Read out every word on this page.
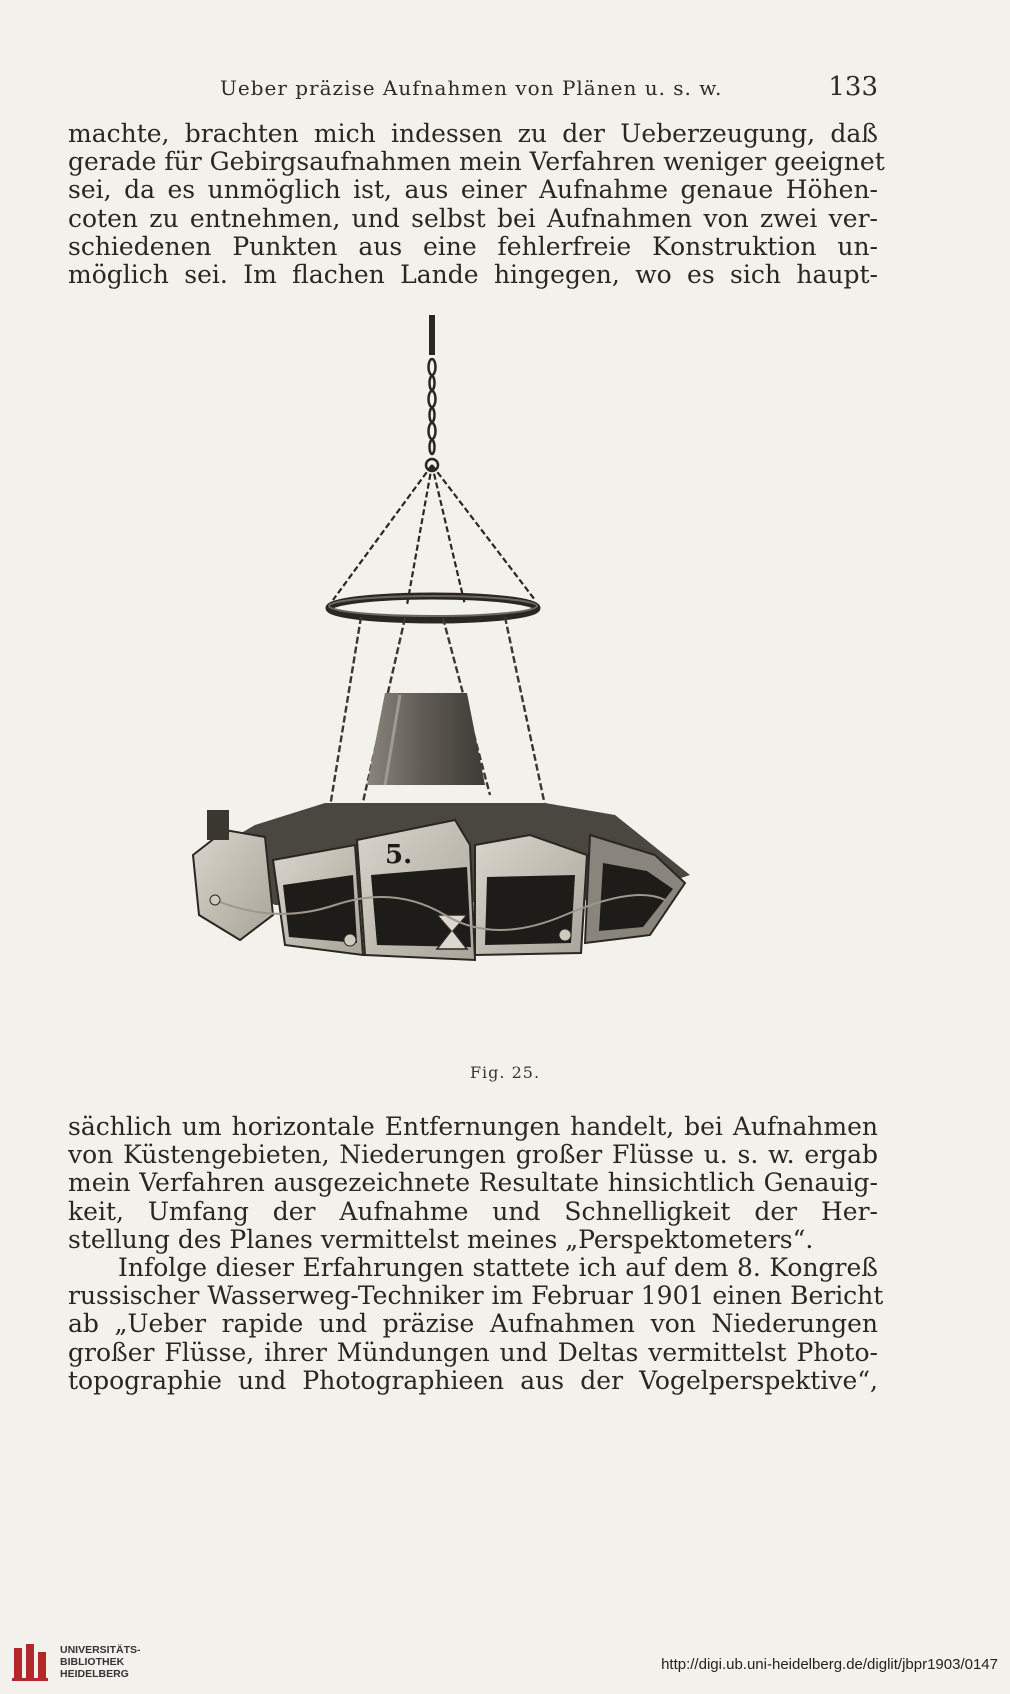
Ueber präzise Aufnahmen von Plänen u. s. w.	133
machte, brachten mich indessen zu der Ueberzeugung, daß
gerade für Gebirgsaufnahmen mein Verfahren weniger geeignet
sei, da es unmöglich ist, aus einer Aufnahme genaue Höhen-
coten zu entnehmen, und selbst bei Aufnahmen von zwei ver-
schiedenen Punkten aus eine fehlerfreie Konstruktion un-
möglich sei. Im flachen Lande hingegen, wo es sich haupt-
5.
Fig. 25.
sächlich um horizontale Entfernungen handelt, bei Aufnahmen
von Küstengebieten, Niederungen großer Flüsse u. s. w. ergab
mein Verfahren ausgezeichnete Resultate hinsichtlich Genauig-
keit, Umfang der Aufnahme und Schnelligkeit der Her-
stellung des Planes vermittelst meines „Perspektometers“.
Infolge dieser Erfahrungen stattete ich auf dem 8. Kongreß
russischer Wasserweg-Techniker im Februar 1901 einen Bericht
ab „Ueber rapide und präzise Aufnahmen von Niederungen
großer Flüsse, ihrer Mündungen und Deltas vermittelst Photo-
topographie und Photographieen aus der Vogelperspektive“,
UNIVERSITÄTS-
BIBLIOTHEK
HEIDELBERG
http://digi.ub.uni-heidelberg.de/diglit/jbpr1903/0147
